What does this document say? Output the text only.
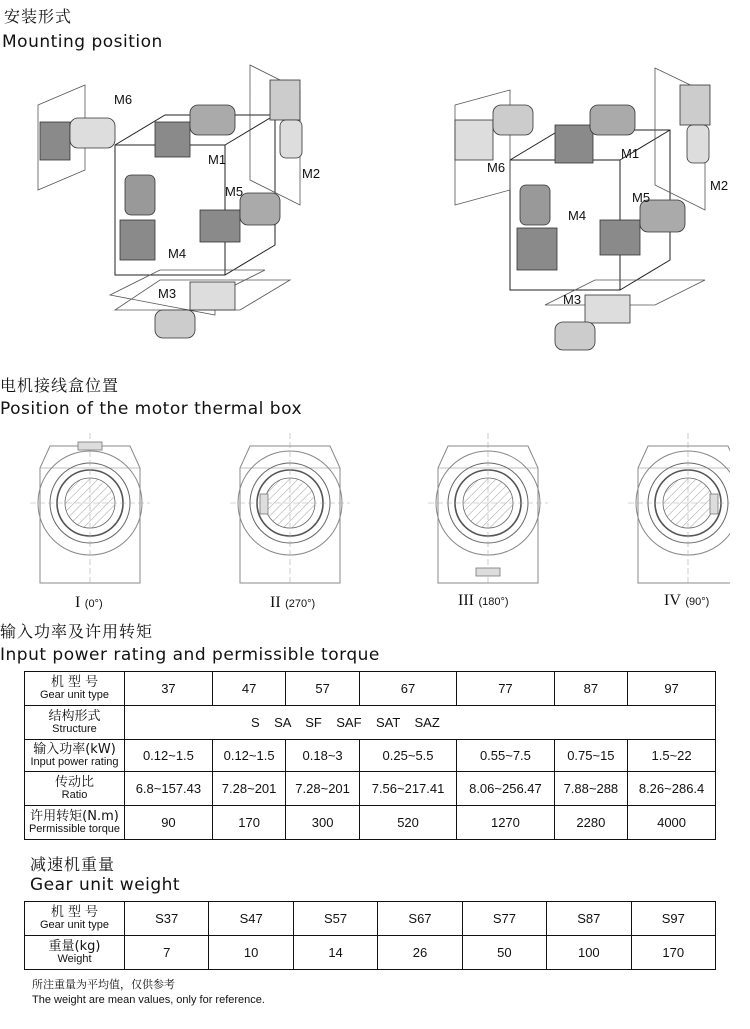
安装形式
Mounting position
M6
M1
M2
M5
M4
M3
M6
M1
M2
M5
M4
M3
电机接线盒位置
Position of the motor thermal box
I (0°)	II (270°)	III (180°)	IV (90°)
输入功率及许用转矩
Input power rating and permissible torque
机 型 号
Gear unit type	37	47	57	67	77	87	97

结构形式
Structure	S    SA    SF    SAF    SAT    SAZ						

输入功率(kW)
Input power rating	0.12~1.5	0.12~1.5	0.18~3	0.25~5.5	0.55~7.5	0.75~15	1.5~22

传动比
Ratio	6.8~157.43	7.28~201	7.28~201	7.56~217.41	8.06~256.47	7.88~288	8.26~286.4

许用转矩(N.m)
Permissible torque	90	170	300	520	1270	2280	4000
减速机重量
Gear unit weight
机 型 号
Gear unit type	S37	S47	S57	S67	S77	S87	S97

重量(kg)
Weight	7	10	14	26	50	100	170
所注重量为平均值，仅供参考
The weight are mean values, only for reference.
